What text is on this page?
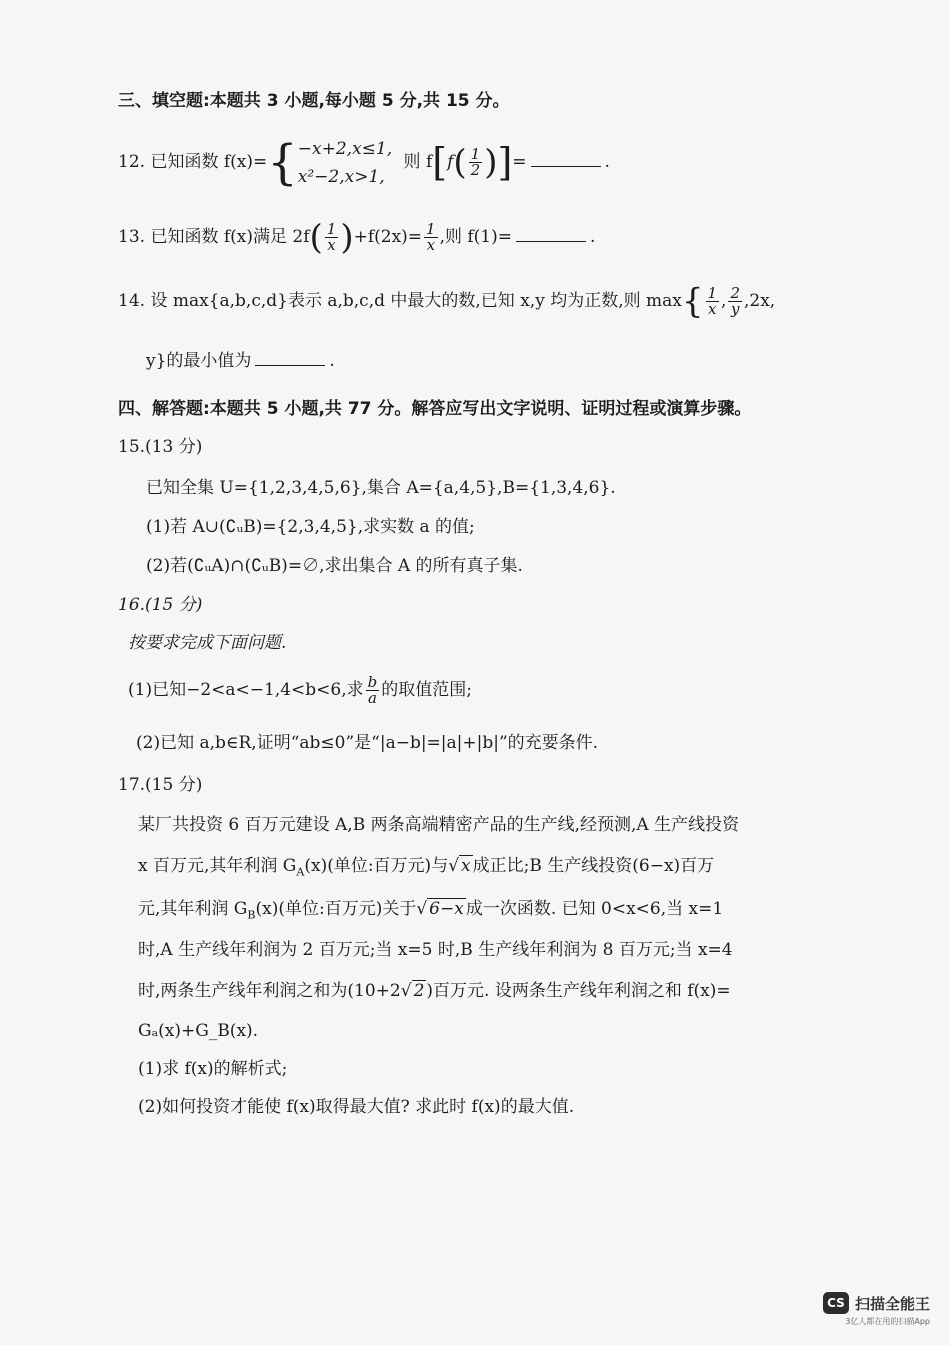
三、填空题:本题共 3 小题,每小题 5 分,共 15 分。
12. 已知函数 f(x)={ −x+2,x≤1,
x²−2,x>1,
则 $f[f( \frac{1}{2}$ )]=	.
13. 已知函数 f(x)满足 $2f( \frac{1}{x} )+f(2x)= \frac{1}{x}$ ,则 f(1)=	.
14. 设 max{a,b,c,d}表示 a,b,c,d 中最大的数,已知 x,y 均为正数,则 $\max\{ \frac{1}{x}$ , $\frac{2}{y} ,2x$,
y}的最小值为	.
四、解答题:本题共 5 小题,共 77 分。解答应写出文字说明、证明过程或演算步骤。
15.(13 分)
已知全集 U={1,2,3,4,5,6},集合 A={a,4,5},B={1,3,4,6}.
(1)若 A∪(∁ᵤB)={2,3,4,5},求实数 a 的值;
(2)若(∁ᵤA)∩(∁ᵤB)=∅,求出集合 A 的所有真子集.
16.(15 分)
按要求完成下面问题.
(1)已知−2<a<−1,4<b<6,求 $\frac{b}{a}$ 的取值范围;
(2)已知 a,b∈R,证明“ab≤0”是“|a−b|=|a|+|b|”的充要条件.
17.(15 分)
某厂共投资 6 百万元建设 A,B 两条高端精密产品的生产线,经预测,A 生产线投资
x 百万元,其年利润 $G_A(x)$(单位:百万元)与√ x 成正比;B 生产线投资(6−x)百万
元,其年利润 $G_B(x)$(单位:百万元)关于√ 6−x 成一次函数. 已知 0<x<6,当 x=1
时,A 生产线年利润为 2 百万元;当 x=5 时,B 生产线年利润为 8 百万元;当 x=4
时,两条生产线年利润之和为(10+2√ 2 )百万元. 设两条生产线年利润之和 f(x)=
Gₐ(x)+G_B(x).
(1)求 f(x)的解析式;
(2)如何投资才能使 f(x)取得最大值? 求此时 f(x)的最大值.
CS 扫描全能王
3亿人都在用的扫描App
